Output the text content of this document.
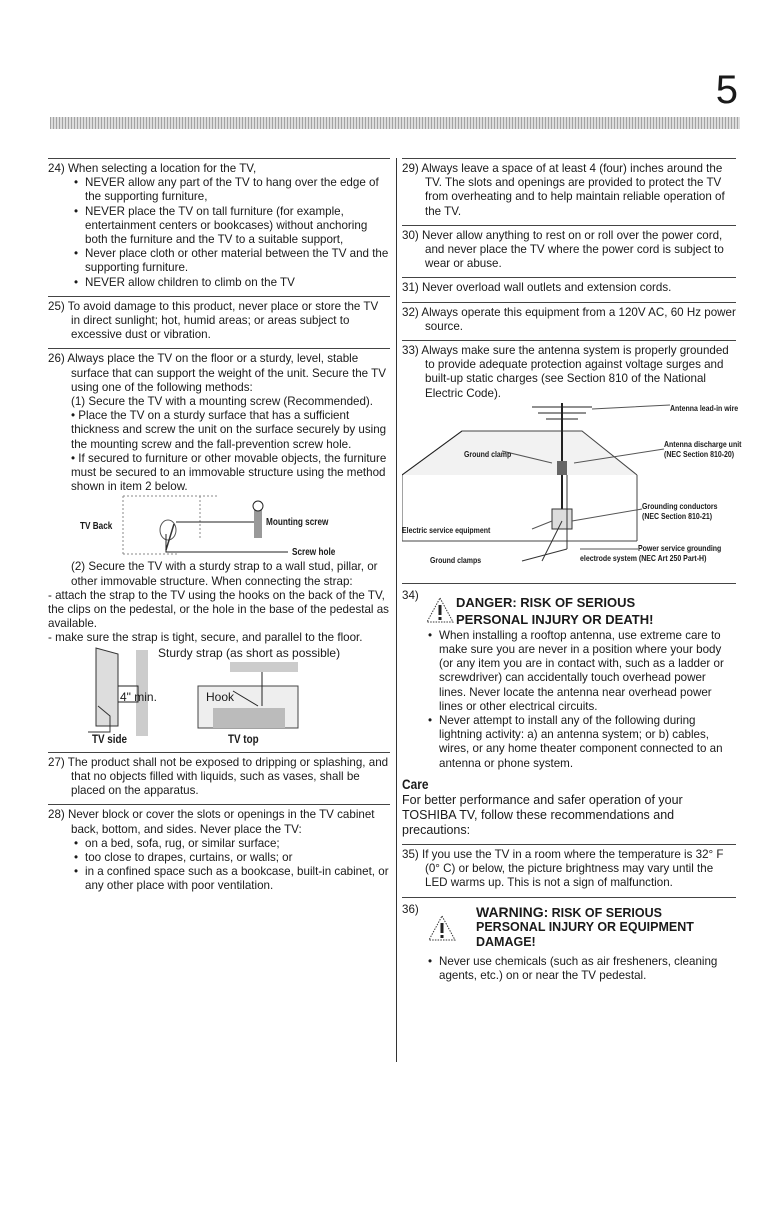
5

24) When selecting a location for the TV,

• NEVER allow any part of the TV to hang over the edge of the supporting furniture,
• NEVER place the TV on tall furniture (for example, entertainment centers or bookcases) without anchoring both the furniture and the TV to a suitable support,
• Never place cloth or other material between the TV and the supporting furniture.
• NEVER allow children to climb on the TV

25) To avoid damage to this product, never place or store the TV in direct sunlight; hot, humid areas; or areas subject to excessive dust or vibration.

26) Always place the TV on the floor or a sturdy, level, stable surface that can support the weight of the unit. Secure the TV using one of the following methods:

(1) Secure the TV with a mounting screw (Recommended).

• Place the TV on a sturdy surface that has a sufficient thickness and screw the unit on the surface securely by using the mounting screw and the fall-prevention screw hole.

• If secured to furniture or other movable objects, the furniture must be secured to an immovable structure using the method shown in item 2 below.

TV Back	Mounting screw
Screw hole

(2) Secure the TV with a sturdy strap to a wall stud, pillar, or other immovable structure. When connecting the strap:

- attach the strap to the TV using the hooks on the back of the TV, the clips on the pedestal, or the hole in the base of the pedestal as available.

- make sure the strap is tight, secure, and parallel to the floor.

Sturdy strap (as short as possible)
4" min.	Hook
TV side	TV top

27) The product shall not be exposed to dripping or splashing, and that no objects filled with liquids, such as vases, shall be placed on the apparatus.

28) Never block or cover the slots or openings in the TV cabinet back, bottom, and sides. Never place the TV:

• on a bed, sofa, rug, or similar surface;
• too close to drapes, curtains, or walls; or
• in a confined space such as a bookcase, built-in cabinet, or any other place with poor ventilation.

29) Always leave a space of at least 4 (four) inches around the TV. The slots and openings are provided to protect the TV from overheating and to help maintain reliable operation of the TV.

30) Never allow anything to rest on or roll over the power cord, and never place the TV where the power cord is subject to wear or abuse.

31) Never overload wall outlets and extension cords.

32) Always operate this equipment from a 120V AC, 60 Hz power source.

33) Always make sure the antenna system is properly grounded to provide adequate protection against voltage surges and built-up static charges (see Section 810 of the National Electric Code).

Antenna lead-in wire
Antenna discharge unit
(NEC Section 810-20)
Ground clamp
Grounding conductors
(NEC Section 810-21)
Electric service equipment
Power service grounding
electrode system (NEC Art 250 Part-H)
Ground clamps
34)	DANGER: RISK OF SERIOUS
PERSONAL INJURY OR DEATH!
• When installing a rooftop antenna, use extreme care to make sure you are never in a position where your body (or any item you are in contact with, such as a ladder or screwdriver) can accidentally touch overhead power lines. Never locate the antenna near overhead power lines or other electrical circuits.
• Never attempt to install any of the following during lightning activity: a) an antenna system; or b) cables, wires, or any home theater component connected to an antenna or phone system.
Care
For better performance and safer operation of your TOSHIBA TV, follow these recommendations and precautions:

35) If you use the TV in a room where the temperature is 32° F (0° C) or below, the picture brightness may vary until the LED warms up. This is not a sign of malfunction.

36)	WARNING: RISK OF SERIOUS
PERSONAL INJURY OR EQUIPMENT
DAMAGE!
• Never use chemicals (such as air fresheners, cleaning agents, etc.) on or near the TV pedestal.
